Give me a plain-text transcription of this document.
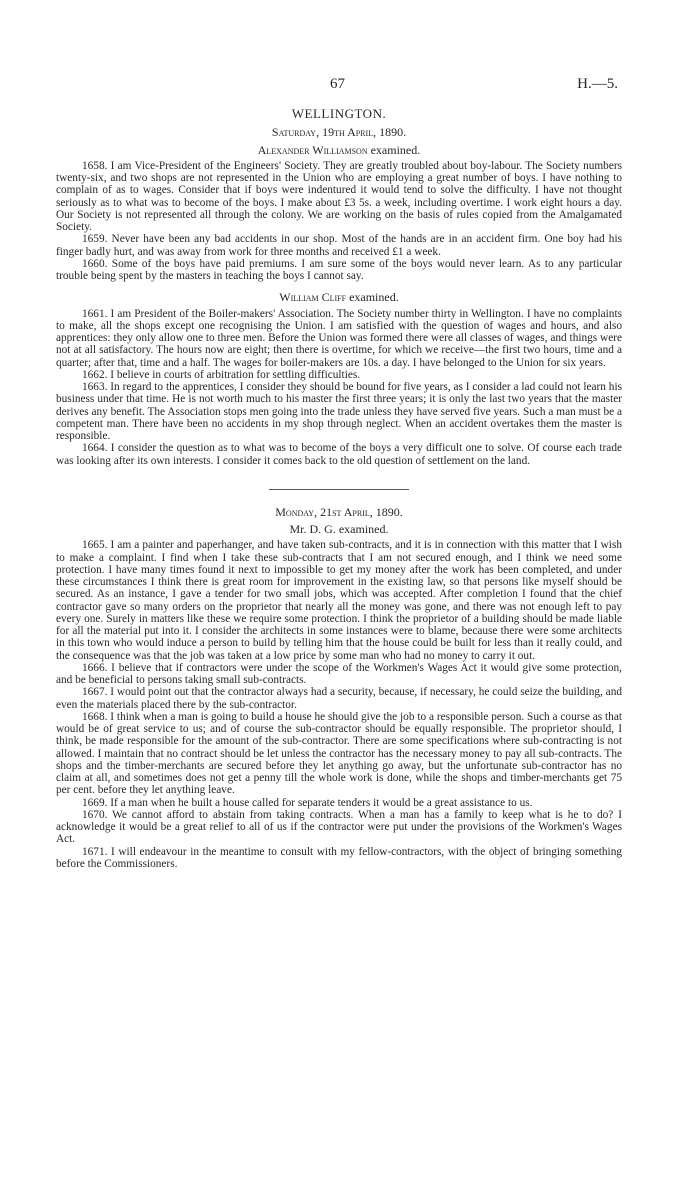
67	H.—5.
WELLINGTON.
Saturday, 19th April, 1890.
Alexander Williamson examined.

1658. I am Vice-President of the Engineers' Society. They are greatly troubled about boy-labour. The Society numbers twenty-six, and two shops are not represented in the Union who are employing a great number of boys. I have nothing to complain of as to wages. Consider that if boys were indentured it would tend to solve the difficulty. I have not thought seriously as to what was to become of the boys. I make about £3 5s. a week, including overtime. I work eight hours a day. Our Society is not represented all through the colony. We are working on the basis of rules copied from the Amalgamated Society.

1659. Never have been any bad accidents in our shop. Most of the hands are in an accident firm. One boy had his finger badly hurt, and was away from work for three months and received £1 a week.

1660. Some of the boys have paid premiums. I am sure some of the boys would never learn. As to any particular trouble being spent by the masters in teaching the boys I cannot say.

William Cliff examined.

1661. I am President of the Boiler-makers' Association. The Society number thirty in Wellington. I have no complaints to make, all the shops except one recognising the Union. I am satisfied with the question of wages and hours, and also apprentices: they only allow one to three men. Before the Union was formed there were all classes of wages, and things were not at all satisfactory. The hours now are eight; then there is overtime, for which we receive—the first two hours, time and a quarter; after that, time and a half. The wages for boiler-makers are 10s. a day. I have belonged to the Union for six years.

1662. I believe in courts of arbitration for settling difficulties.

1663. In regard to the apprentices, I consider they should be bound for five years, as I consider a lad could not learn his business under that time. He is not worth much to his master the first three years; it is only the last two years that the master derives any benefit. The Association stops men going into the trade unless they have served five years. Such a man must be a competent man. There have been no accidents in my shop through neglect. When an accident overtakes them the master is responsible.

1664. I consider the question as to what was to become of the boys a very difficult one to solve. Of course each trade was looking after its own interests. I consider it comes back to the old question of settlement on the land.

Monday, 21st April, 1890.
Mr. D. G. examined.

1665. I am a painter and paperhanger, and have taken sub-contracts, and it is in connection with this matter that I wish to make a complaint. I find when I take these sub-contracts that I am not secured enough, and I think we need some protection. I have many times found it next to impossible to get my money after the work has been completed, and under these circumstances I think there is great room for improvement in the existing law, so that persons like myself should be secured. As an instance, I gave a tender for two small jobs, which was accepted. After completion I found that the chief contractor gave so many orders on the proprietor that nearly all the money was gone, and there was not enough left to pay every one. Surely in matters like these we require some protection. I think the proprietor of a building should be made liable for all the material put into it. I consider the architects in some instances were to blame, because there were some architects in this town who would induce a person to build by telling him that the house could be built for less than it really could, and the consequence was that the job was taken at a low price by some man who had no money to carry it out.

1666. I believe that if contractors were under the scope of the Workmen's Wages Act it would give some protection, and be beneficial to persons taking small sub-contracts.

1667. I would point out that the contractor always had a security, because, if necessary, he could seize the building, and even the materials placed there by the sub-contractor.

1668. I think when a man is going to build a house he should give the job to a responsible person. Such a course as that would be of great service to us; and of course the sub-contractor should be equally responsible. The proprietor should, I think, be made responsible for the amount of the sub-contractor. There are some specifications where sub-contracting is not allowed. I maintain that no contract should be let unless the contractor has the necessary money to pay all sub-contracts. The shops and the timber-merchants are secured before they let anything go away, but the unfortunate sub-contractor has no claim at all, and sometimes does not get a penny till the whole work is done, while the shops and timber-merchants get 75 per cent. before they let anything leave.

1669. If a man when he built a house called for separate tenders it would be a great assistance to us.

1670. We cannot afford to abstain from taking contracts. When a man has a family to keep what is he to do? I acknowledge it would be a great relief to all of us if the contractor were put under the provisions of the Workmen's Wages Act.

1671. I will endeavour in the meantime to consult with my fellow-contractors, with the object of bringing something before the Commissioners.
